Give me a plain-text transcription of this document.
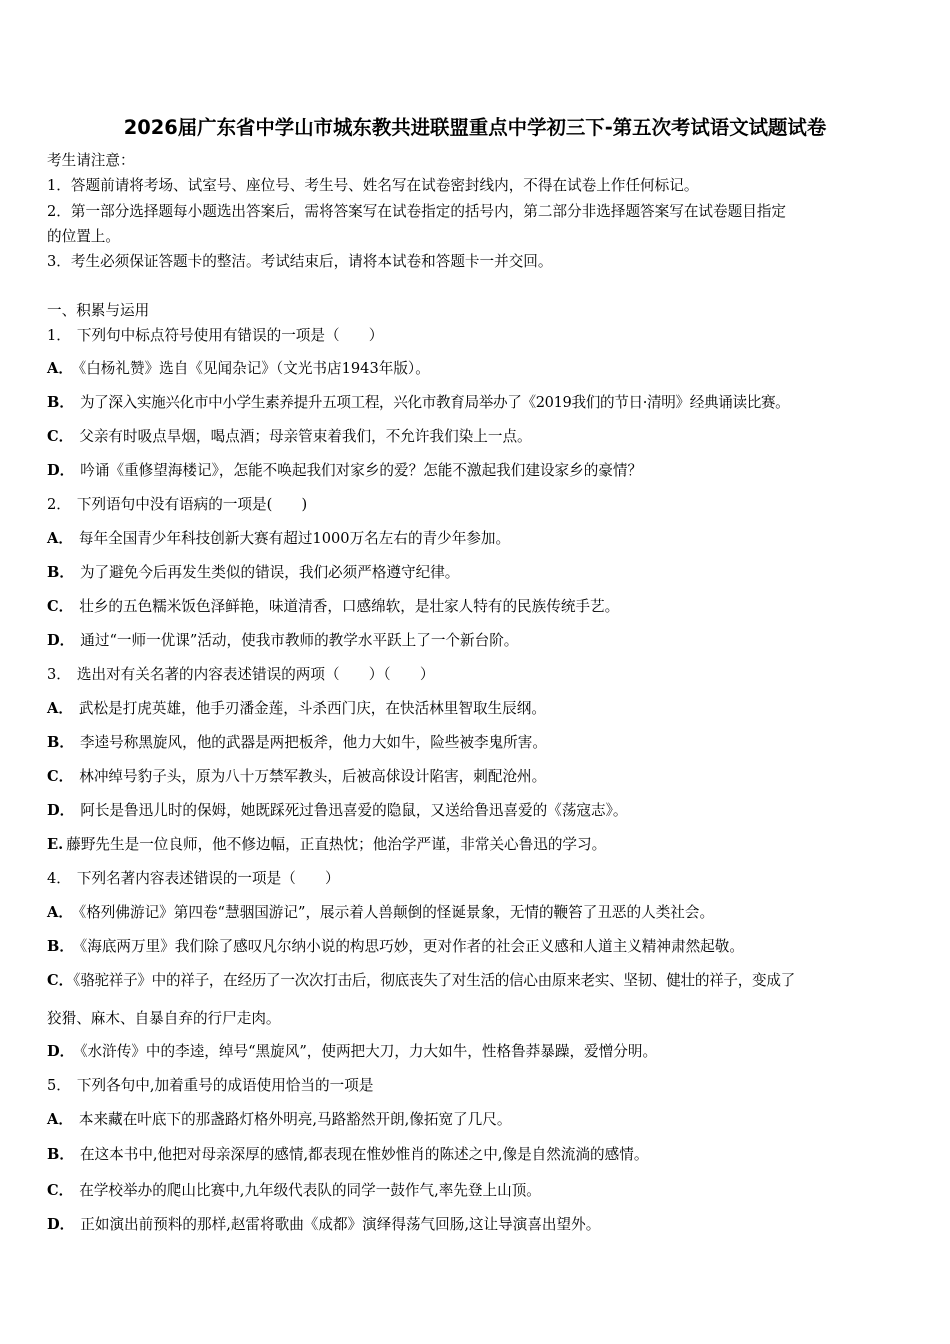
2026届广东省中学山市城东教共进联盟重点中学初三下-第五次考试语文试题试卷
考生请注意：
1．答题前请将考场、试室号、座位号、考生号、姓名写在试卷密封线内，不得在试卷上作任何标记。
2．第一部分选择题每小题选出答案后，需将答案写在试卷指定的括号内，第二部分非选择题答案写在试卷题目指定
的位置上。
3．考生必须保证答题卡的整洁。考试结束后，请将本试卷和答题卡一并交回。
一、积累与运用
1． 下列句中标点符号使用有错误的一项是（　　）
A． 《白杨礼赞》选自《见闻杂记》（文光书店1943年版）。
B． 为了深入实施兴化市中小学生素养提升五项工程，兴化市教育局举办了《2019我们的节日·清明》经典诵读比赛。
C． 父亲有时吸点旱烟，喝点酒；母亲管束着我们，不允许我们染上一点。
D． 吟诵《重修望海楼记》，怎能不唤起我们对家乡的爱？怎能不激起我们建设家乡的豪情？
2． 下列语句中没有语病的一项是(　　)
A． 每年全国青少年科技创新大赛有超过1000万名左右的青少年参加。
B． 为了避免今后再发生类似的错误，我们必须严格遵守纪律。
C． 壮乡的五色糯米饭色泽鲜艳，味道清香，口感绵软，是壮家人特有的民族传统手艺。
D． 通过“一师一优课”活动，使我市教师的教学水平跃上了一个新台阶。
3． 选出对有关名著的内容表述错误的两项（　　）（　　）
A． 武松是打虎英雄，他手刃潘金莲，斗杀西门庆，在快活林里智取生辰纲。
B． 李逵号称黑旋风，他的武器是两把板斧，他力大如牛，险些被李鬼所害。
C． 林冲绰号豹子头，原为八十万禁军教头，后被高俅设计陷害，刺配沧州。
D． 阿长是鲁迅儿时的保姆，她既踩死过鲁迅喜爱的隐鼠，又送给鲁迅喜爱的《荡寇志》。
E. 藤野先生是一位良师，他不修边幅，正直热忱；他治学严谨，非常关心鲁迅的学习。
4． 下列名著内容表述错误的一项是（　　）
A． 《格列佛游记》第四卷“慧骃国游记”，展示着人兽颠倒的怪诞景象，无情的鞭笞了丑恶的人类社会。
B． 《海底两万里》我们除了感叹凡尔纳小说的构思巧妙，更对作者的社会正义感和人道主义精神肃然起敬。
C．《骆驼祥子》中的祥子，在经历了一次次打击后，彻底丧失了对生活的信心由原来老实、坚韧、健壮的祥子，变成了
狡猾、麻木、自暴自弃的行尸走肉。
D． 《水浒传》中的李逵，绰号“黑旋风”，使两把大刀，力大如牛，性格鲁莽暴躁，爱憎分明。
5． 下列各句中,加着重号的成语使用恰当的一项是
A． 本来藏在叶底下的那盏路灯格外明亮,马路豁然开朗,像拓宽了几尺。
B． 在这本书中,他把对母亲深厚的感情,都表现在惟妙惟肖的陈述之中,像是自然流淌的感情。
C． 在学校举办的爬山比赛中,九年级代表队的同学一鼓作气,率先登上山顶。
D． 正如演出前预料的那样,赵雷将歌曲《成都》演绎得荡气回肠,这让导演喜出望外。
